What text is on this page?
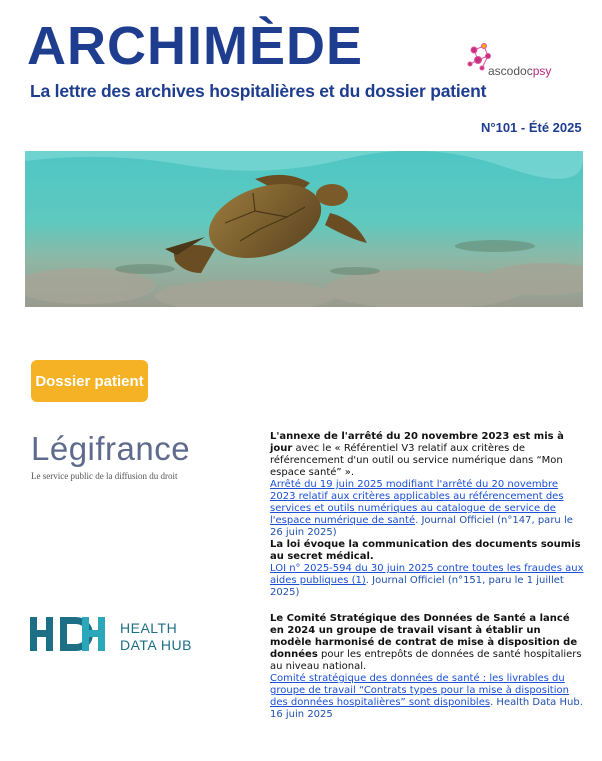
ARCHIMÈDE
La lettre des archives hospitalières et du dossier patient
N°101 - Été 2025
ascodocpsy
Dossier patient
Légifrance
Le service public de la diffusion du droit
HEALTH
DATA HUB
L'annexe de l'arrêté du 20 novembre 2023 est mis à jour avec le « Référentiel V3 relatif aux critères de référencement d'un outil ou service numérique dans “Mon espace santé” ».
Arrêté du 19 juin 2025 modifiant l'arrêté du 20 novembre 2023 relatif aux critères applicables au référencement des services et outils numériques au catalogue de service de l'espace numérique de santé. Journal Officiel (n°147, paru le 26 juin 2025)
La loi évoque la communication des documents soumis au secret médical.
LOI n° 2025-594 du 30 juin 2025 contre toutes les fraudes aux aides publiques (1). Journal Officiel (n°151, paru le 1 juillet 2025)
Le Comité Stratégique des Données de Santé a lancé en 2024 un groupe de travail visant à établir un modèle harmonisé de contrat de mise à disposition de données pour les entrepôts de données de santé hospitaliers au niveau national.
Comité stratégique des données de santé : les livrables du groupe de travail “Contrats types pour la mise à disposition des données hospitalières” sont disponibles. Health Data Hub. 16 juin 2025
